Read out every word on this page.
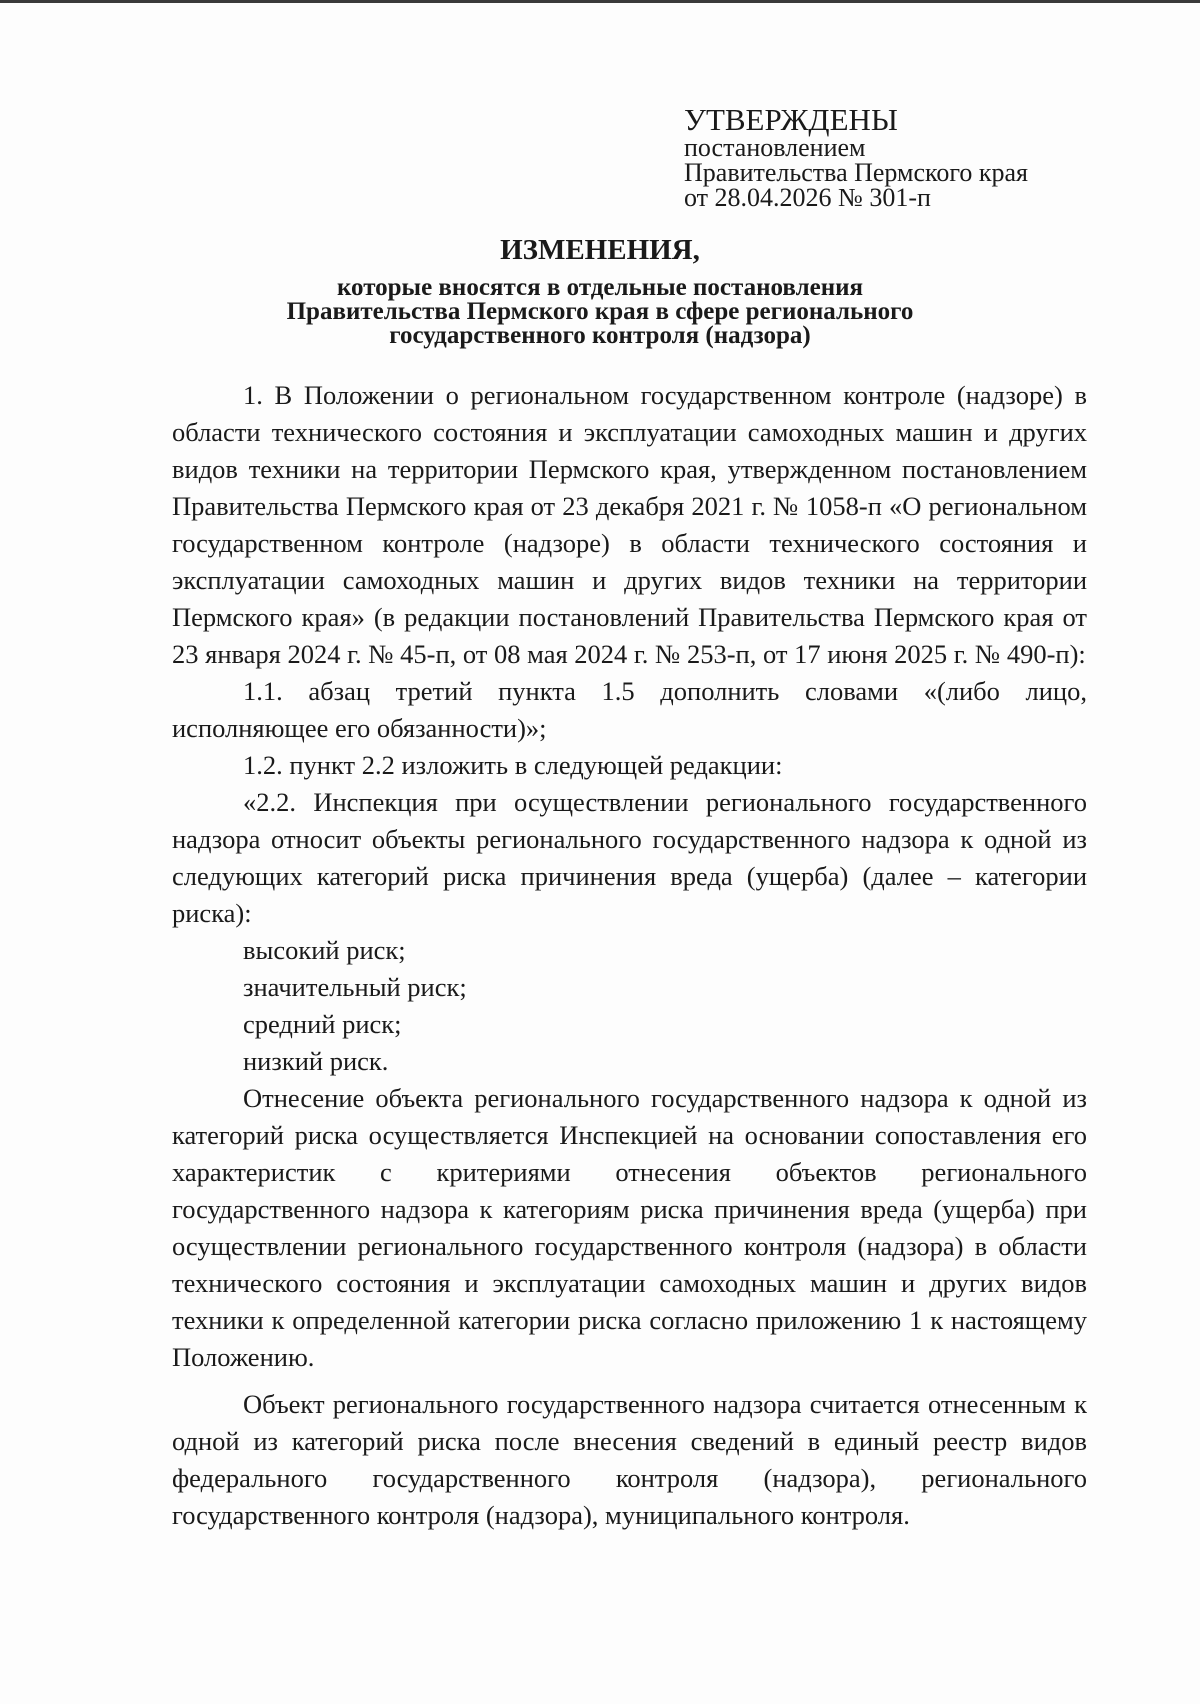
УТВЕРЖДЕНЫ

постановлением

Правительства Пермского края

от 28.04.2026 № 301-п

ИЗМЕНЕНИЯ,
которые вносятся в отдельные постановления
Правительства Пермского края в сфере регионального
государственного контроля (надзора)

1. В Положении о региональном государственном контроле (надзоре) в области технического состояния и эксплуатации самоходных машин и других видов техники на территории Пермского края, утвержденном постановлением Правительства Пермского края от 23 декабря 2021 г. № 1058-п «О региональном государственном контроле (надзоре) в области технического состояния и эксплуатации самоходных машин и других видов техники на территории Пермского края» (в редакции постановлений Правительства Пермского края от 23 января 2024 г. № 45-п, от 08 мая 2024 г. № 253-п, от 17 июня 2025 г. № 490-п):

1.1. абзац третий пункта 1.5 дополнить словами «(либо лицо, исполняющее его обязанности)»;

1.2. пункт 2.2 изложить в следующей редакции:

«2.2. Инспекция при осуществлении регионального государственного надзора относит объекты регионального государственного надзора к одной из следующих категорий риска причинения вреда (ущерба) (далее – категории риска):

высокий риск;

значительный риск;

средний риск;

низкий риск.

Отнесение объекта регионального государственного надзора к одной из категорий риска осуществляется Инспекцией на основании сопоставления его характеристик с критериями отнесения объектов регионального государственного надзора к категориям риска причинения вреда (ущерба) при осуществлении регионального государственного контроля (надзора) в области технического состояния и эксплуатации самоходных машин и других видов техники к определенной категории риска согласно приложению 1 к настоящему Положению.

Объект регионального государственного надзора считается отнесенным к одной из категорий риска после внесения сведений в единый реестр видов федерального государственного контроля (надзора), регионального государственного контроля (надзора), муниципального контроля.
